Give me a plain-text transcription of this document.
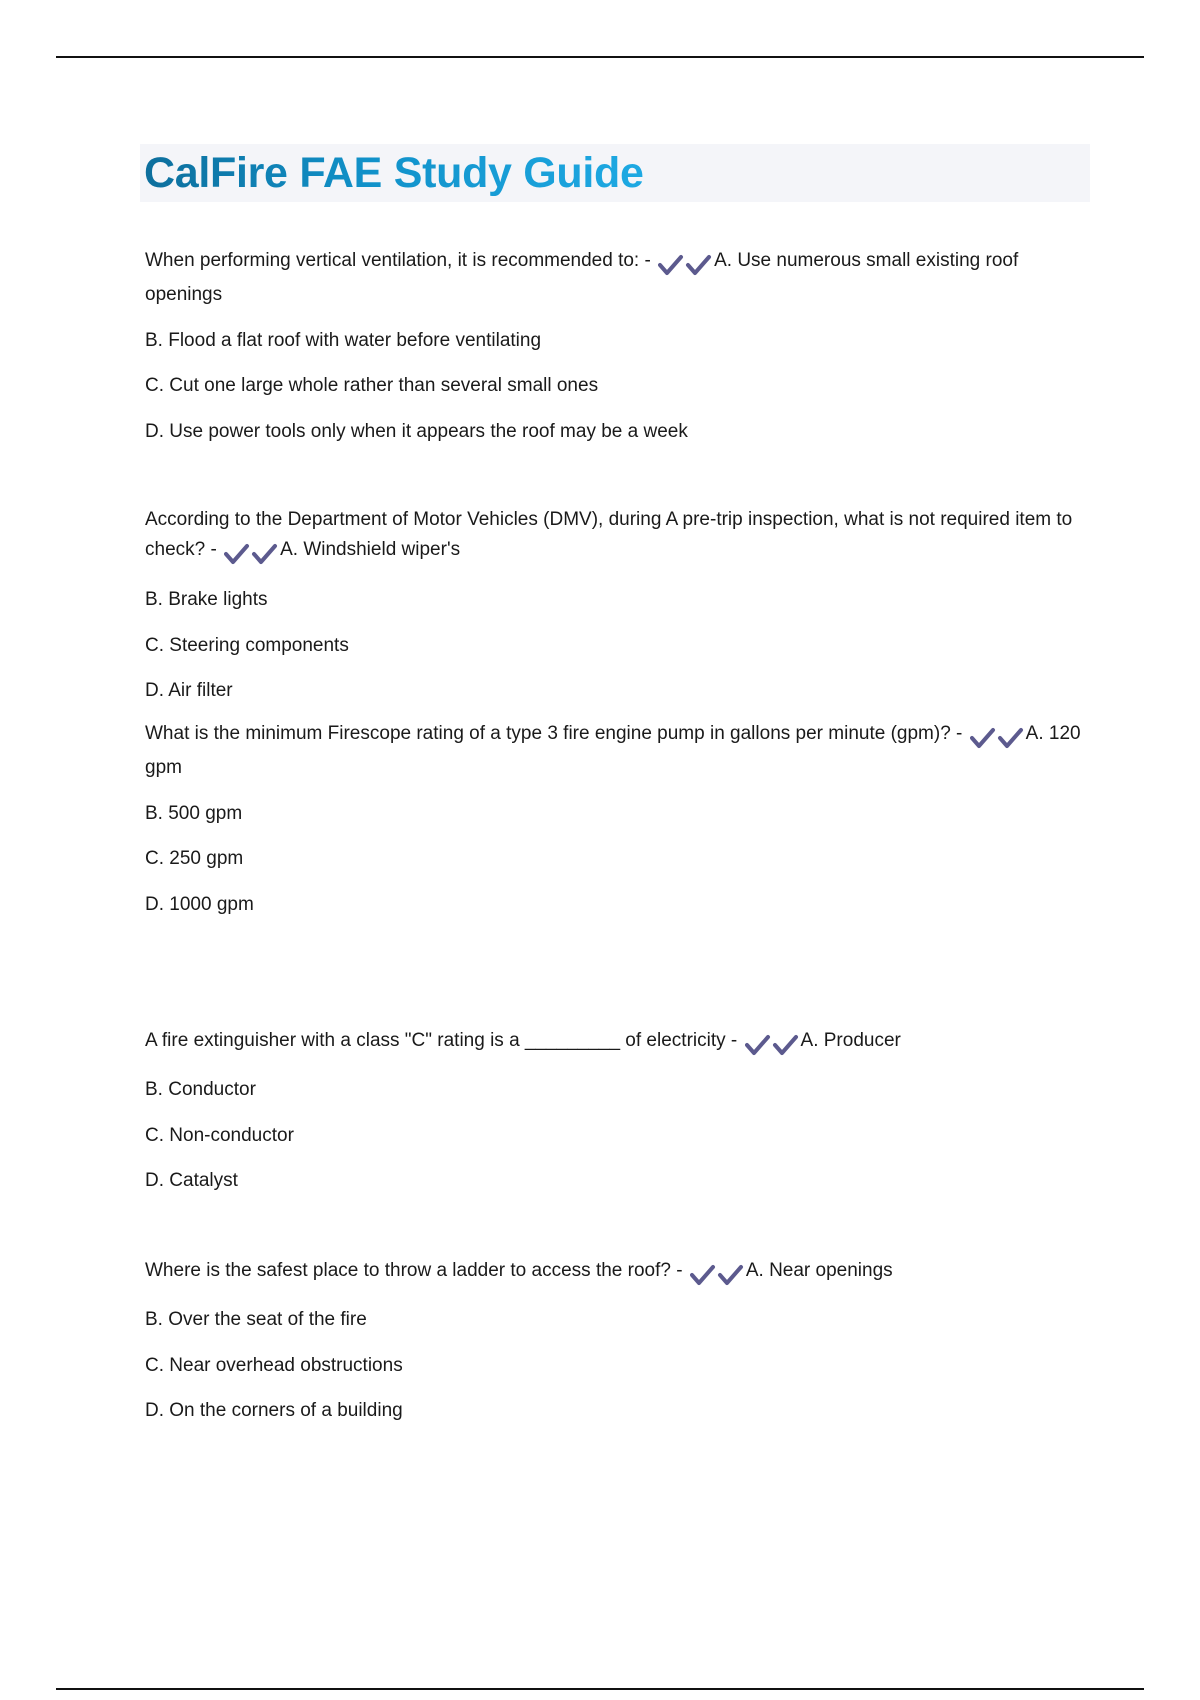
CalFire FAE Study Guide

When performing vertical ventilation, it is recommended to: -	A. Use numerous small existing roof openings

B. Flood a flat roof with water before ventilating

C. Cut one large whole rather than several small ones

D. Use power tools only when it appears the roof may be a week

According to the Department of Motor Vehicles (DMV), during A pre-trip inspection, what is not required item to check? -	A. Windshield wiper's

B. Brake lights

C. Steering components

D. Air filter

What is the minimum Firescope rating of a type 3 fire engine pump in gallons per minute (gpm)? -	A. 120 gpm

B. 500 gpm

C. 250 gpm

D. 1000 gpm

A fire extinguisher with a class "C" rating is a _________ of electricity -	A. Producer

B. Conductor

C. Non-conductor

D. Catalyst

Where is the safest place to throw a ladder to access the roof? -	A. Near openings

B. Over the seat of the fire

C. Near overhead obstructions

D. On the corners of a building
